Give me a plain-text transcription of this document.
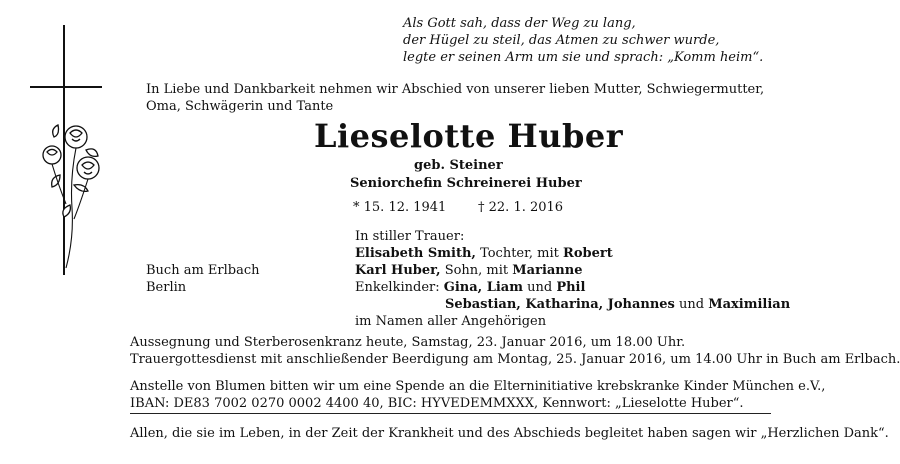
Als Gott sah, dass der Weg zu lang,
der Hügel zu steil, das Atmen zu schwer wurde,
legte er seinen Arm um sie und sprach: „Komm heim“.
In Liebe und Dankbarkeit nehmen wir Abschied von unserer lieben Mutter, Schwiegermutter,
Oma, Schwägerin und Tante
Lieselotte Huber
geb. Steiner
Seniorchefin Schreinerei Huber
* 15. 12. 1941 † 22. 1. 2016
In stiller Trauer:
Elisabeth Smith, Tochter, mit Robert
Karl Huber, Sohn, mit Marianne
Enkelkinder: Gina, Liam und Phil
Sebastian, Katharina, Johannes und Maximilian
im Namen aller Angehörigen
Buch am Erlbach
Berlin
Aussegnung und Sterberosenkranz heute, Samstag, 23. Januar 2016, um 18.00 Uhr.
Trauergottesdienst mit anschließender Beerdigung am Montag, 25. Januar 2016, um 14.00 Uhr in Buch am Erlbach.
Anstelle von Blumen bitten wir um eine Spende an die Elterninitiative krebskranke Kinder München e.V.,
IBAN: DE83 7002 0270 0002 4400 40, BIC: HYVEDEMMXXX, Kennwort: „Lieselotte Huber“.
Allen, die sie im Leben, in der Zeit der Krankheit und des Abschieds begleitet haben sagen wir „Herzlichen Dank“.
